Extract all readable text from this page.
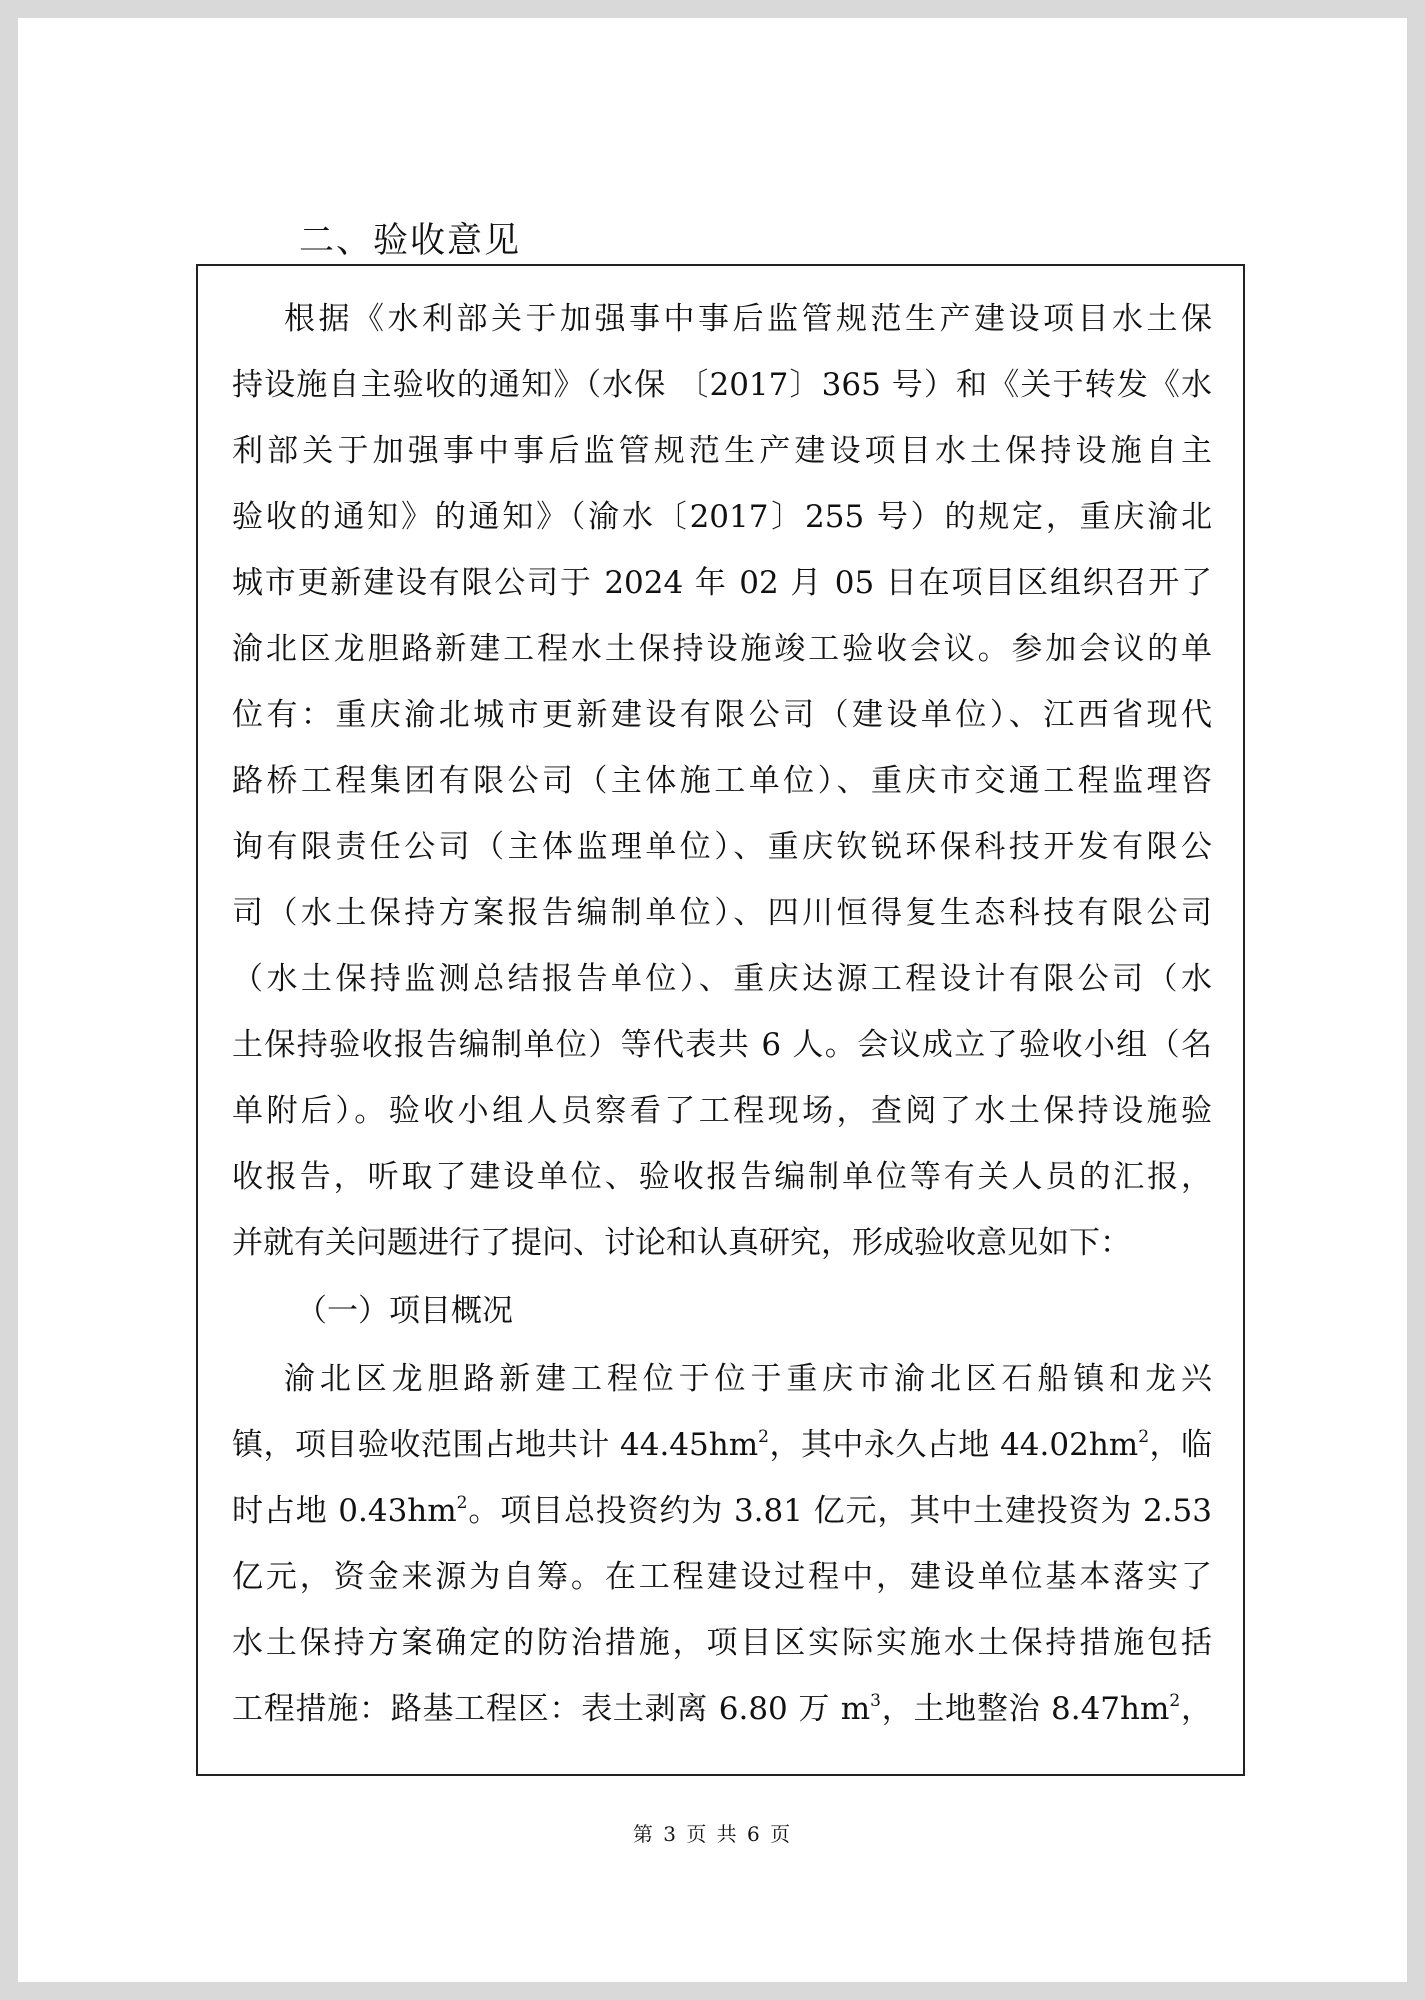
二、验收意见
根据《水利部关于加强事中事后监管规范生产建设项目水土保
持设施自主验收的通知》（水保 〔2017〕365 号）和《关于转发《水
利部关于加强事中事后监管规范生产建设项目水土保持设施自主
验收的通知》的通知》（渝水〔2017〕255 号）的规定，重庆渝北
城市更新建设有限公司于 2024 年 02 月 05 日在项目区组织召开了
渝北区龙胆路新建工程水土保持设施竣工验收会议。参加会议的单
位有：重庆渝北城市更新建设有限公司（建设单位）、江西省现代
路桥工程集团有限公司（主体施工单位）、重庆市交通工程监理咨
询有限责任公司（主体监理单位）、重庆钦锐环保科技开发有限公
司（水土保持方案报告编制单位）、四川恒得复生态科技有限公司
（水土保持监测总结报告单位）、重庆达源工程设计有限公司（水
土保持验收报告编制单位）等代表共 6 人。会议成立了验收小组（名
单附后）。验收小组人员察看了工程现场，查阅了水土保持设施验
收报告，听取了建设单位、验收报告编制单位等有关人员的汇报，
并就有关问题进行了提问、讨论和认真研究，形成验收意见如下：
（一）项目概况
渝北区龙胆路新建工程位于位于重庆市渝北区石船镇和龙兴
镇，项目验收范围占地共计 $44.45hm^2$，其中永久占地 $44.02hm^2$，临
时占地 $0.43hm^2$。项目总投资约为 3.81 亿元，其中土建投资为 2.53
亿元，资金来源为自筹。在工程建设过程中，建设单位基本落实了
水土保持方案确定的防治措施，项目区实际实施水土保持措施包括
工程措施：路基工程区：表土剥离 6.80 万 $m^3$，土地整治 $8.47hm^2$，
第 3 页 共 6 页
